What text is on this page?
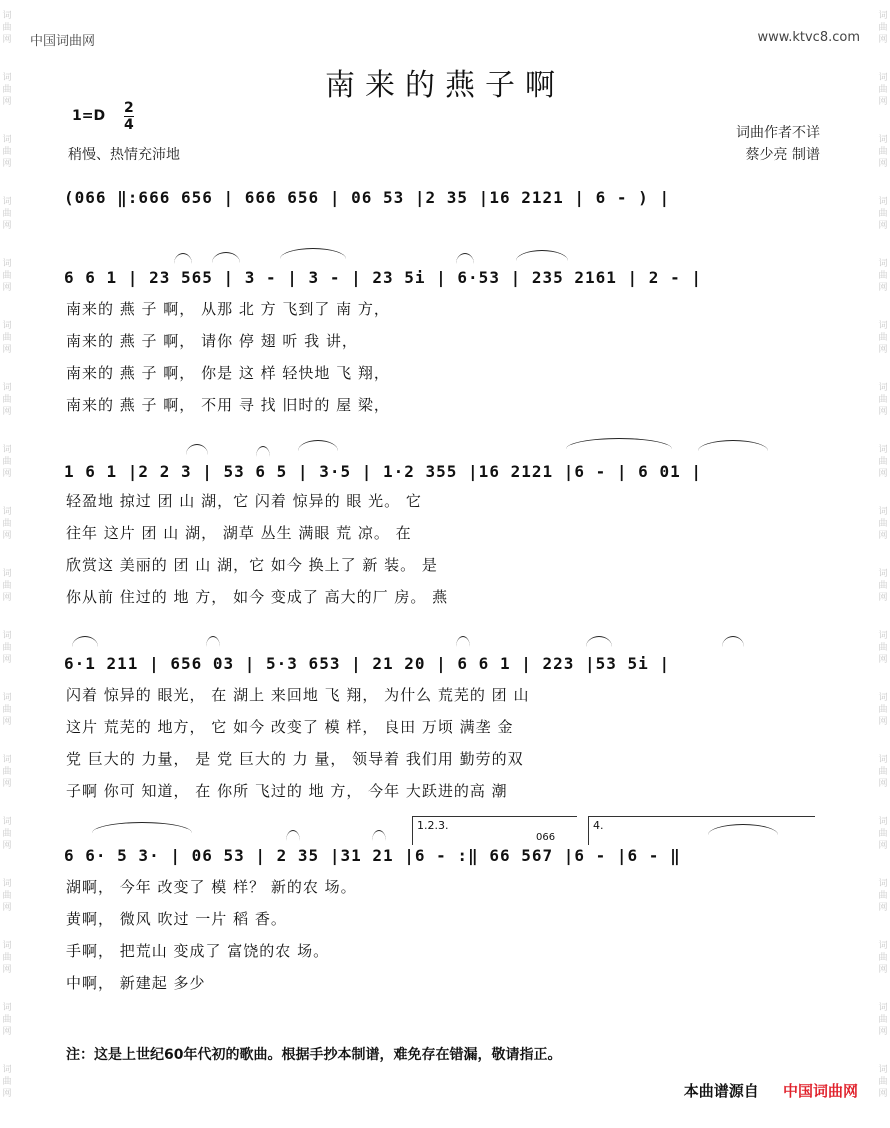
词
曲
网
词
曲
网
词
曲
网
词
曲
网
词
曲
网
词
曲
网
词
曲
网
词
曲
网
词
曲
网
词
曲
网
词
曲
网
词
曲
网
词
曲
网
词
曲
网
词
曲
网
词
曲
网
词
曲
网
词
曲
网
词
曲
网
词
曲
网
词
曲
网
词
曲
网
词
曲
网
词
曲
网
词
曲
网
词
曲
网
词
曲
网
词
曲
网
词
曲
网
词
曲
网
词
曲
网
词
曲
网
词
曲
网
词
曲
网
词
曲
网
词
曲
网
中国词曲网	www.ktvc8.com
南来的燕子啊
1=D 2
4
稍慢、热情充沛地
词曲作者不详
蔡少亮 制谱
(066 ‖:666 656 | 666 656 | 06 53 |2 35 |16 2121 | 6 - ) |
6 6 1 | 23 565 | 3 - | 3 - | 23 5i | 6·53 | 235 2161 | 2 - |
南来的 燕 子 啊， 从那 北 方 飞到了 南 方，
南来的 燕 子 啊， 请你 停 翅 听 我 讲，
南来的 燕 子 啊， 你是 这 样 轻快地 飞 翔，
南来的 燕 子 啊， 不用 寻 找 旧时的 屋 梁，
1 6 1 |2 2 3 | 53 6 5 | 3·5 | 1·2 355 |16 2121 |6 - | 6 01 |
轻盈地 掠过 团 山 湖，它 闪着 惊异的 眼 光。 它
往年 这片 团 山 湖， 湖草 丛生 满眼 荒 凉。 在
欣赏这 美丽的 团 山 湖，它 如今 换上了 新 装。 是
你从前 住过的 地 方， 如今 变成了 高大的厂 房。 燕
6·1 211 | 656 03 | 5·3 653 | 21 20 | 6 6 1 | 223 |53 5i |
闪着 惊异的 眼光， 在 湖上 来回地 飞 翔， 为什么 荒芜的 团 山
这片 荒芜的 地方， 它 如今 改变了 模 样， 良田 万顷 满垄 金
党 巨大的 力量， 是 党 巨大的 力 量， 领导着 我们用 勤劳的双
子啊 你可 知道， 在 你所 飞过的 地 方， 今年 大跃进的高 潮
1.2.3.	4.
066
6 6· 5 3· | 06 53 | 2 35 |31 21 |6 - :‖ 66 567 |6 - |6 - ‖
湖啊， 今年 改变了 模 样？ 新的农 场。
黄啊， 微风 吹过 一片 稻 香。
手啊， 把荒山 变成了 富饶的农 场。
中啊， 新建起 多少
注：这是上世纪60年代初的歌曲。根据手抄本制谱，难免存在错漏，敬请指正。
本曲谱源自 中国词曲网
